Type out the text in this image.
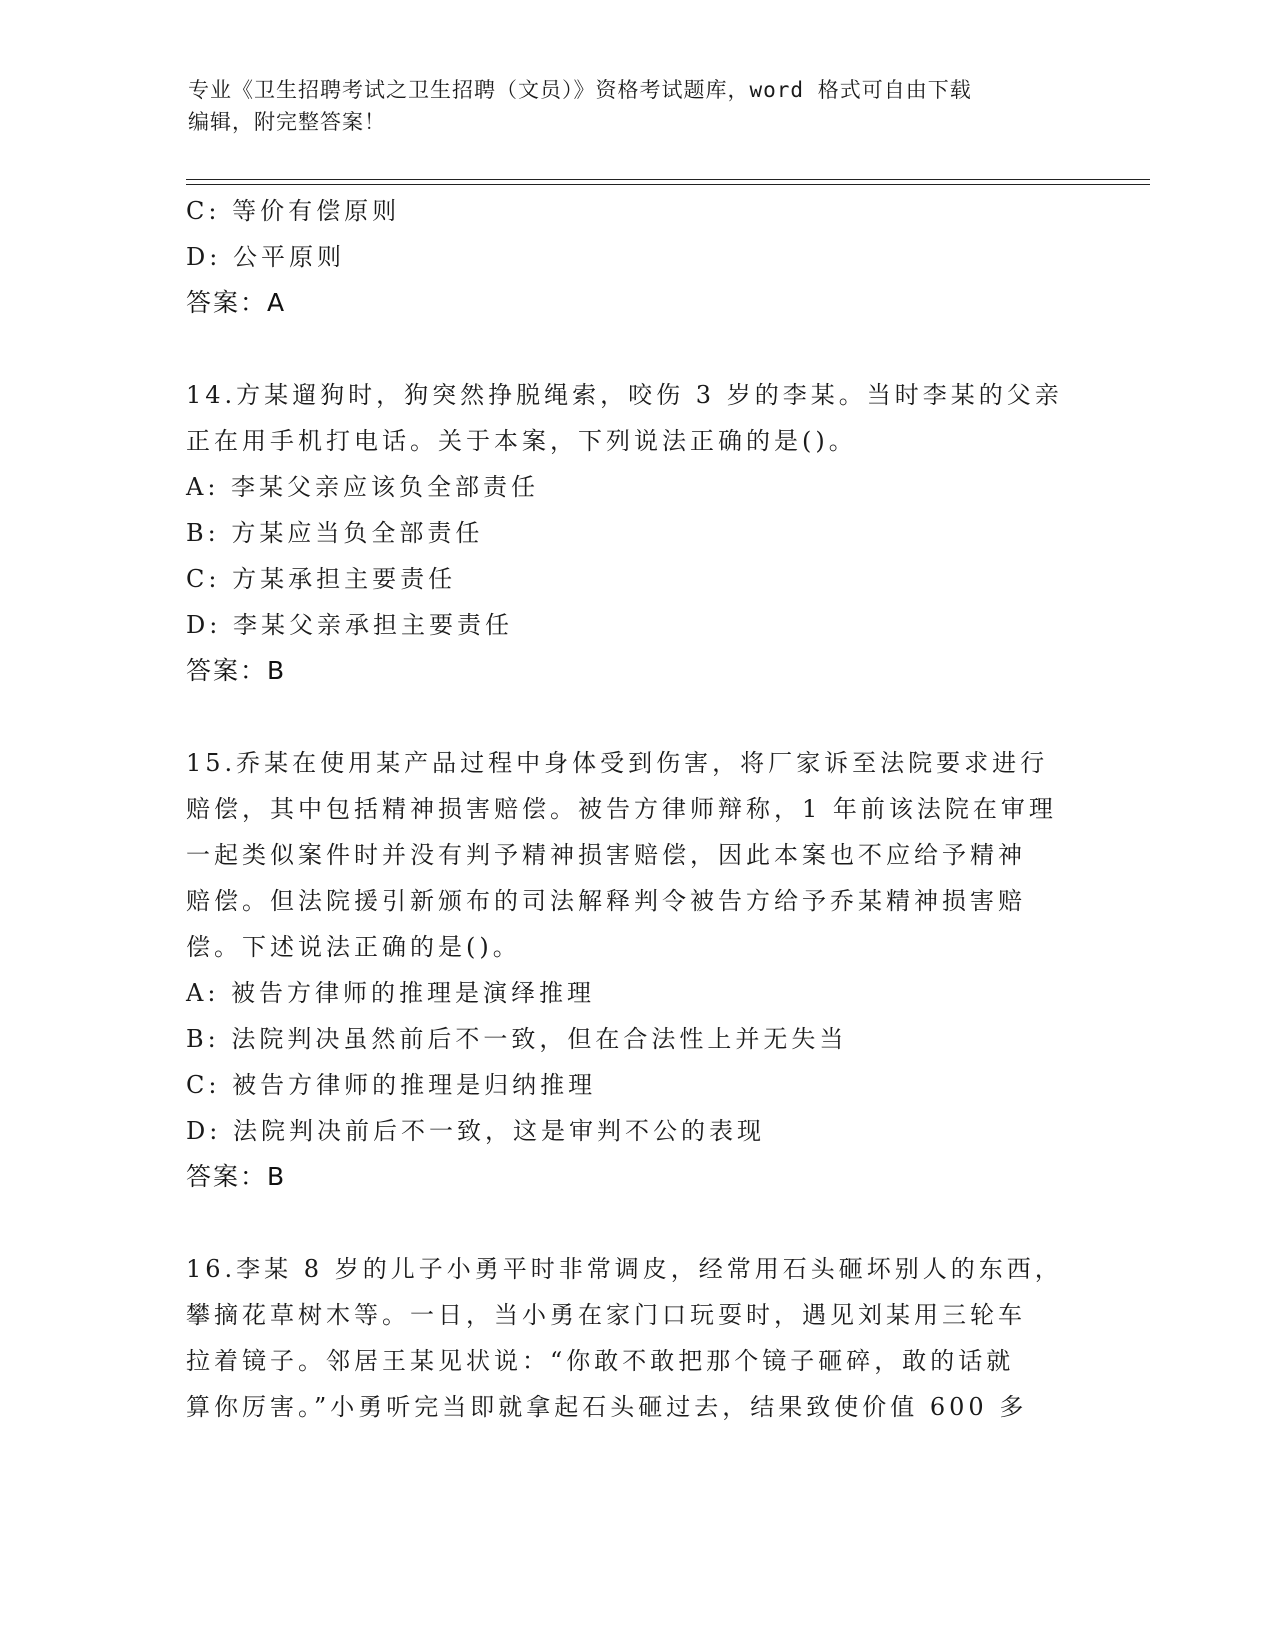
专业《卫生招聘考试之卫生招聘（文员）》资格考试题库，word 格式可自由下载
编辑，附完整答案！
C: 等价有偿原则
D: 公平原则
答案：A
14.方某遛狗时，狗突然挣脱绳索，咬伤 3 岁的李某。当时李某的父亲
正在用手机打电话。关于本案，下列说法正确的是()。
A: 李某父亲应该负全部责任
B: 方某应当负全部责任
C: 方某承担主要责任
D: 李某父亲承担主要责任
答案：B
15.乔某在使用某产品过程中身体受到伤害，将厂家诉至法院要求进行
赔偿，其中包括精神损害赔偿。被告方律师辩称，1 年前该法院在审理
一起类似案件时并没有判予精神损害赔偿，因此本案也不应给予精神
赔偿。但法院援引新颁布的司法解释判令被告方给予乔某精神损害赔
偿。下述说法正确的是()。
A: 被告方律师的推理是演绎推理
B: 法院判决虽然前后不一致，但在合法性上并无失当
C: 被告方律师的推理是归纳推理
D: 法院判决前后不一致，这是审判不公的表现
答案：B
16.李某 8 岁的儿子小勇平时非常调皮，经常用石头砸坏别人的东西，
攀摘花草树木等。一日，当小勇在家门口玩耍时，遇见刘某用三轮车
拉着镜子。邻居王某见状说：“你敢不敢把那个镜子砸碎，敢的话就
算你厉害。”小勇听完当即就拿起石头砸过去，结果致使价值 600 多
